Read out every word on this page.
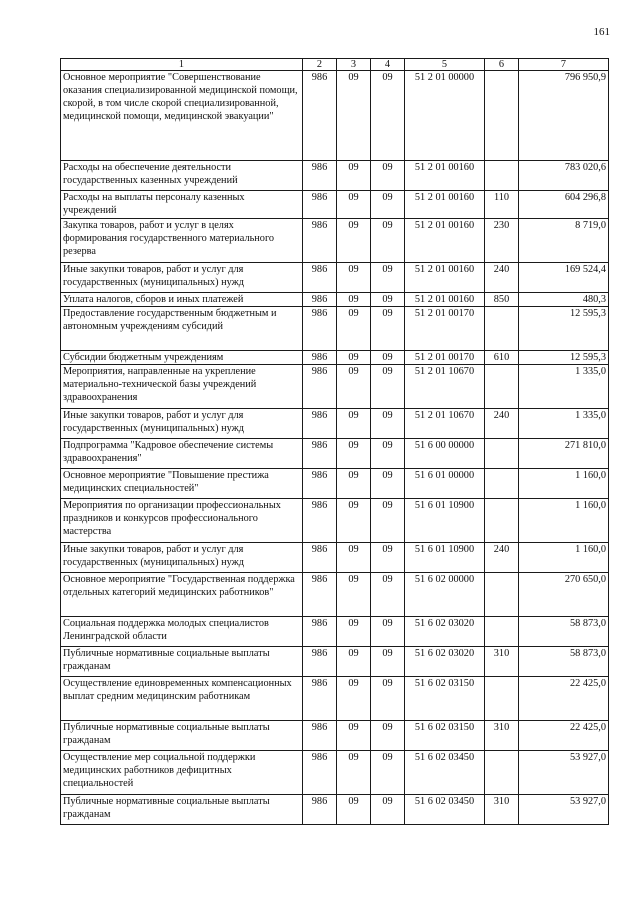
161
1	2	3	4	5	6	7
Основное мероприятие "Совершенствование оказания специализированной медицинской помощи, скорой, в том числе скорой специализированной, медицинской помощи, медицинской эвакуации"	986	09	09	51 2 01 00000		796 950,9
Расходы на обеспечение деятельности государственных казенных учреждений	986	09	09	51 2 01 00160		783 020,6
Расходы на выплаты персоналу казенных учреждений	986	09	09	51 2 01 00160	110	604 296,8
Закупка товаров, работ и услуг в целях формирования государственного материального резерва	986	09	09	51 2 01 00160	230	8 719,0
Иные закупки товаров, работ и услуг для государственных (муниципальных) нужд	986	09	09	51 2 01 00160	240	169 524,4
Уплата налогов, сборов и иных платежей	986	09	09	51 2 01 00160	850	480,3
Предоставление государственным бюджетным и автономным учреждениям субсидий	986	09	09	51 2 01 00170		12 595,3
Субсидии бюджетным учреждениям	986	09	09	51 2 01 00170	610	12 595,3
Мероприятия, направленные на укрепление материально-технической базы учреждений здравоохранения	986	09	09	51 2 01 10670		1 335,0
Иные закупки товаров, работ и услуг для государственных (муниципальных) нужд	986	09	09	51 2 01 10670	240	1 335,0
Подпрограмма "Кадровое обеспечение системы здравоохранения"	986	09	09	51 6 00 00000		271 810,0
Основное мероприятие "Повышение престижа медицинских специальностей"	986	09	09	51 6 01 00000		1 160,0
Мероприятия по организации профессиональных праздников и конкурсов профессионального мастерства	986	09	09	51 6 01 10900		1 160,0
Иные закупки товаров, работ и услуг для государственных (муниципальных) нужд	986	09	09	51 6 01 10900	240	1 160,0
Основное мероприятие "Государственная поддержка отдельных категорий медицинских работников"	986	09	09	51 6 02 00000		270 650,0
Социальная поддержка молодых специалистов Ленинградской области	986	09	09	51 6 02 03020		58 873,0
Публичные нормативные социальные выплаты гражданам	986	09	09	51 6 02 03020	310	58 873,0
Осуществление единовременных компенсационных выплат средним медицинским работникам	986	09	09	51 6 02 03150		22 425,0
Публичные нормативные социальные выплаты гражданам	986	09	09	51 6 02 03150	310	22 425,0
Осуществление мер социальной поддержки медицинских работников дефицитных специальностей	986	09	09	51 6 02 03450		53 927,0
Публичные нормативные социальные выплаты гражданам	986	09	09	51 6 02 03450	310	53 927,0
